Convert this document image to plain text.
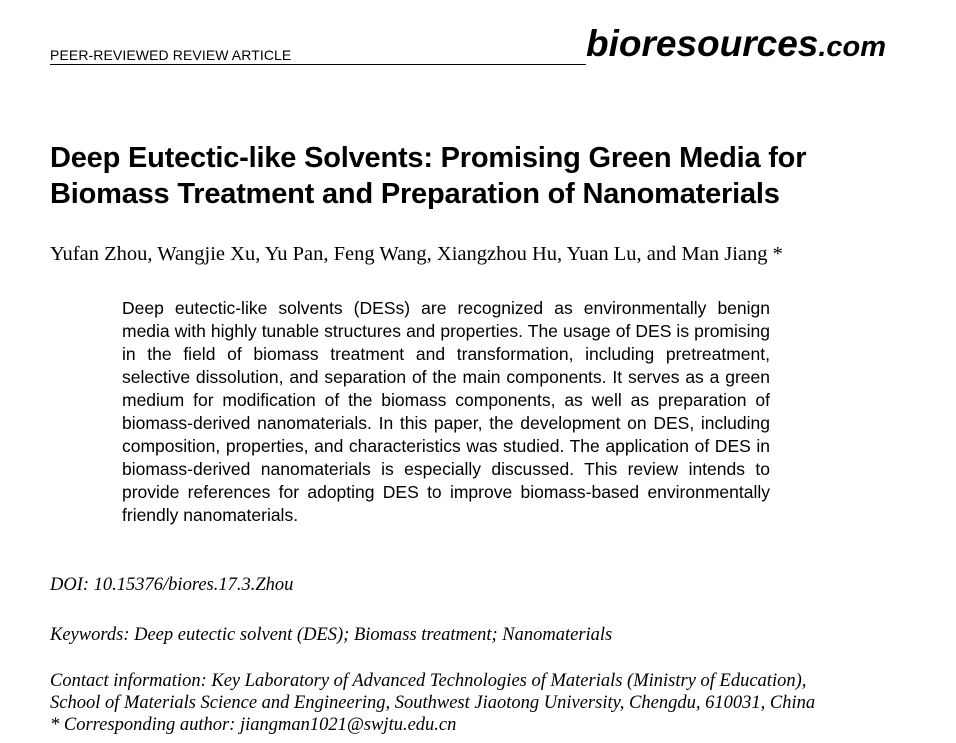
PEER-REVIEWED REVIEW ARTICLE	bioresources.com
Deep Eutectic-like Solvents: Promising Green Media for
Biomass Treatment and Preparation of Nanomaterials
Yufan Zhou, Wangjie Xu, Yu Pan, Feng Wang, Xiangzhou Hu, Yuan Lu, and Man Jiang *

Deep eutectic-like solvents (DESs) are recognized as environmentally benign media with highly tunable structures and properties. The usage of DES is promising in the field of biomass treatment and transformation, including pretreatment, selective dissolution, and separation of the main components. It serves as a green medium for modification of the biomass components, as well as preparation of biomass-derived nanomaterials. In this paper, the development on DES, including composition, properties, and characteristics was studied. The application of DES in biomass-derived nanomaterials is especially discussed. This review intends to provide references for adopting DES to improve biomass-based environmentally friendly nanomaterials.

DOI: 10.15376/biores.17.3.Zhou
Keywords: Deep eutectic solvent (DES); Biomass treatment; Nanomaterials
Contact information: Key Laboratory of Advanced Technologies of Materials (Ministry of Education),
School of Materials Science and Engineering, Southwest Jiaotong University, Chengdu, 610031, China
* Corresponding author: jiangman1021@swjtu.edu.cn
